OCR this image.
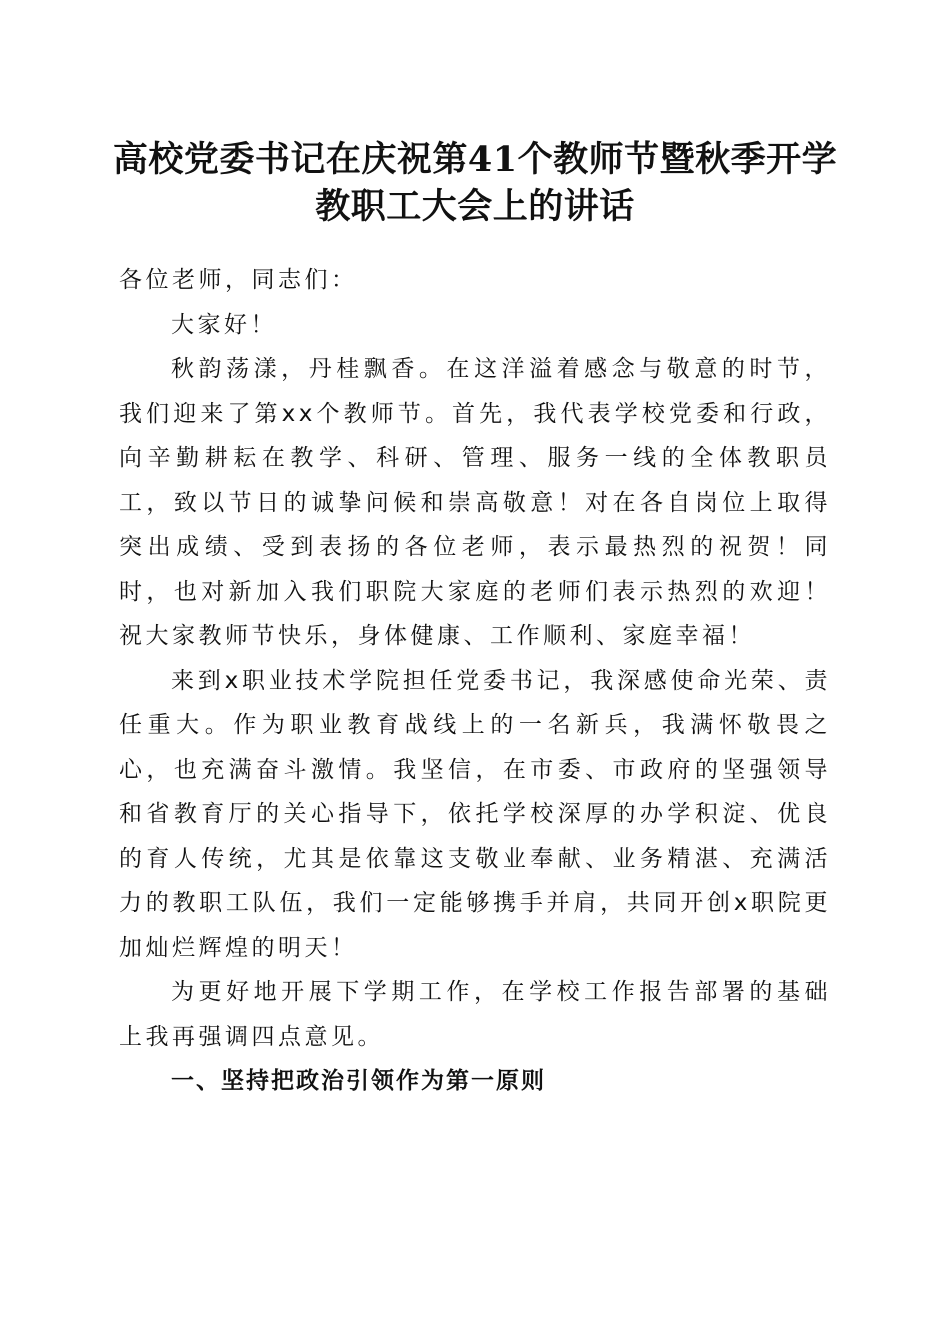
高校党委书记在庆祝第41个教师节暨秋季开学教职工大会上的讲话

各位老师，同志们：

大家好！

秋韵荡漾，丹桂飘香。在这洋溢着感念与敬意的时节，我们迎来了第xx个教师节。首先，我代表学校党委和行政，向辛勤耕耘在教学、科研、管理、服务一线的全体教职员工，致以节日的诚挚问候和崇高敬意！对在各自岗位上取得突出成绩、受到表扬的各位老师，表示最热烈的祝贺！同时，也对新加入我们职院大家庭的老师们表示热烈的欢迎！祝大家教师节快乐，身体健康、工作顺利、家庭幸福！

来到x职业技术学院担任党委书记，我深感使命光荣、责任重大。作为职业教育战线上的一名新兵，我满怀敬畏之心，也充满奋斗激情。我坚信，在市委、市政府的坚强领导和省教育厅的关心指导下，依托学校深厚的办学积淀、优良的育人传统，尤其是依靠这支敬业奉献、业务精湛、充满活力的教职工队伍，我们一定能够携手并肩，共同开创x职院更加灿烂辉煌的明天！

为更好地开展下学期工作，在学校工作报告部署的基础上我再强调四点意见。

一、坚持把政治引领作为第一原则
